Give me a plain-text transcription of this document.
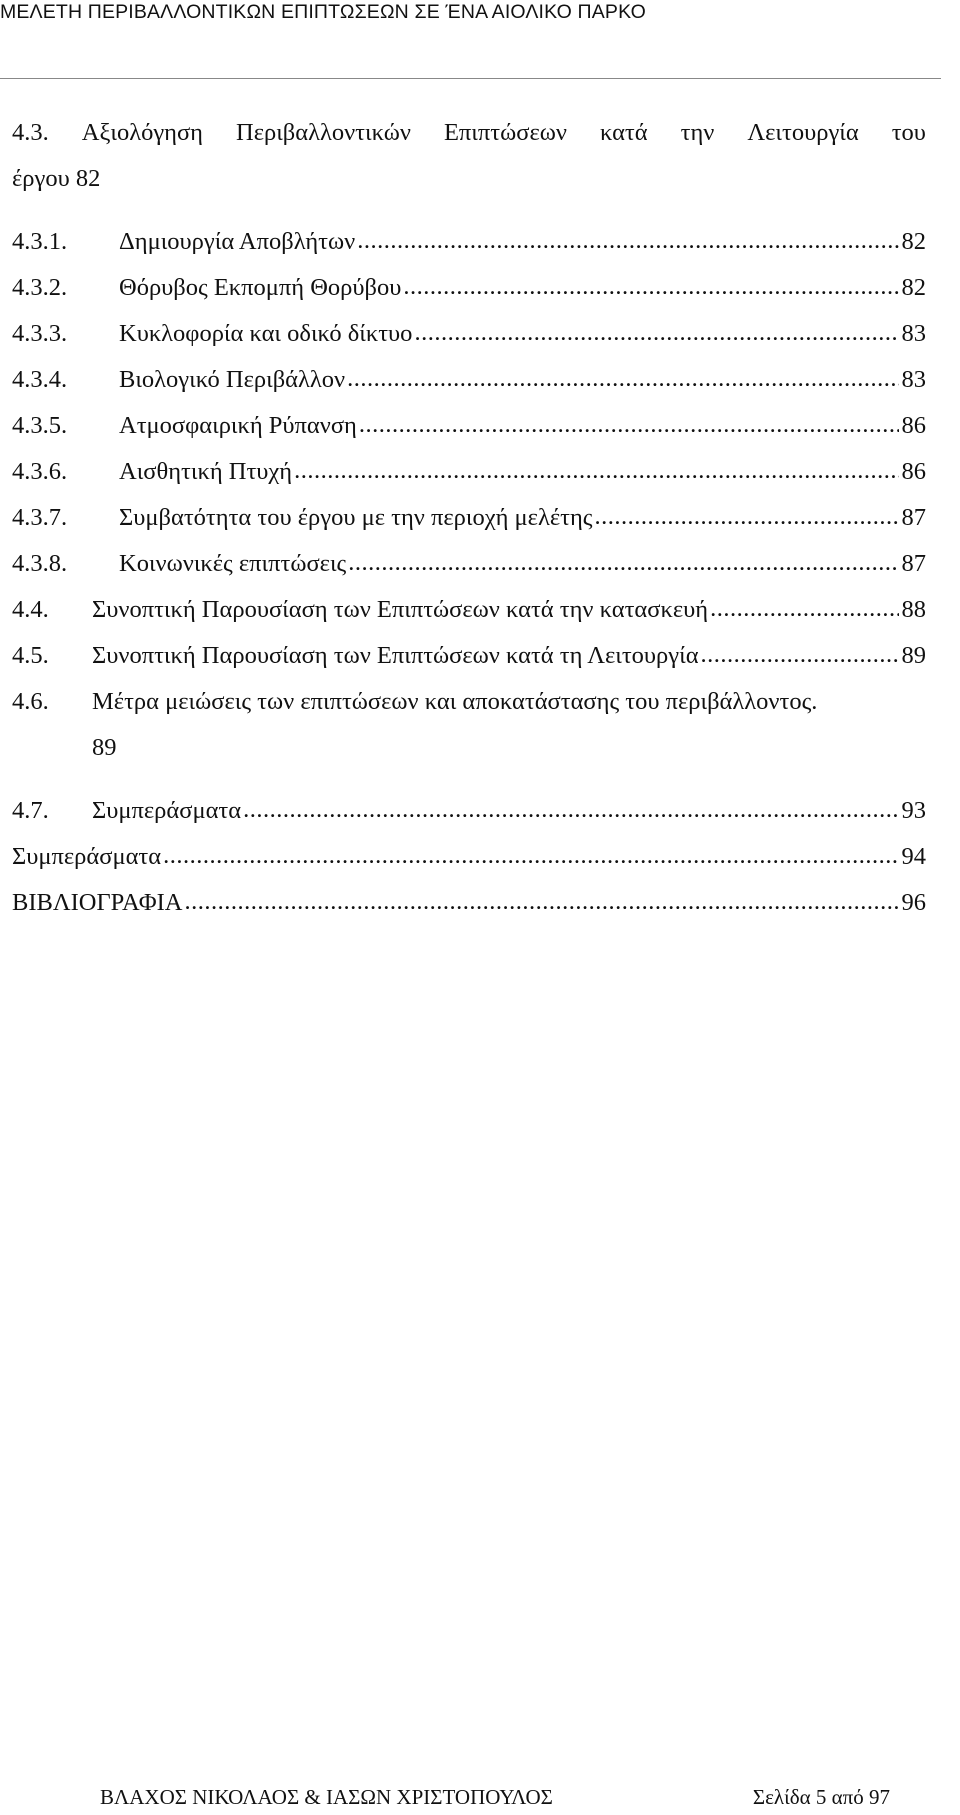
ΜΕΛΕΤΗ ΠΕΡΙΒΑΛΛΟΝΤΙΚΩΝ ΕΠΙΠΤΩΣΕΩΝ ΣΕ ΈΝΑ ΑΙΟΛΙΚΟ ΠΑΡΚΟ
4.3. Αξιολόγηση Περιβαλλοντικών Επιπτώσεων κατά την Λειτουργία του
έργου 82
4.3.1.	Δημιουργία Αποβλήτων .....	82
4.3.2.	Θόρυβος Εκπομπή Θορύβου .....	82
4.3.3.	Κυκλοφορία και οδικό δίκτυο .....	83
4.3.4.	Βιολογικό Περιβάλλον .....	83
4.3.5.	Ατμοσφαιρική Ρύπανση .....	86
4.3.6.	Αισθητική Πτυχή .....	86
4.3.7.	Συμβατότητα του έργου με την περιοχή μελέτης .....	87
4.3.8.	Κοινωνικές επιπτώσεις .....	87
4.4.	Συνοπτική Παρουσίαση των Επιπτώσεων κατά την κατασκευή .....	88
4.5.	Συνοπτική Παρουσίαση των Επιπτώσεων κατά τη Λειτουργία .....	89
4.6. Μέτρα μειώσεις των επιπτώσεων και αποκατάστασης του περιβάλλοντος.
89
4.7.	Συμπεράσματα .....	93
Συμπεράσματα .....	94
ΒΙΒΛΙΟΓΡΑΦΙΑ .....	96
ΒΛΑΧΟΣ ΝΙΚΟΛΑΟΣ & ΙΑΣΩΝ ΧΡΙΣΤΟΠΟΥΛΟΣ	Σελίδα 5 από 97
